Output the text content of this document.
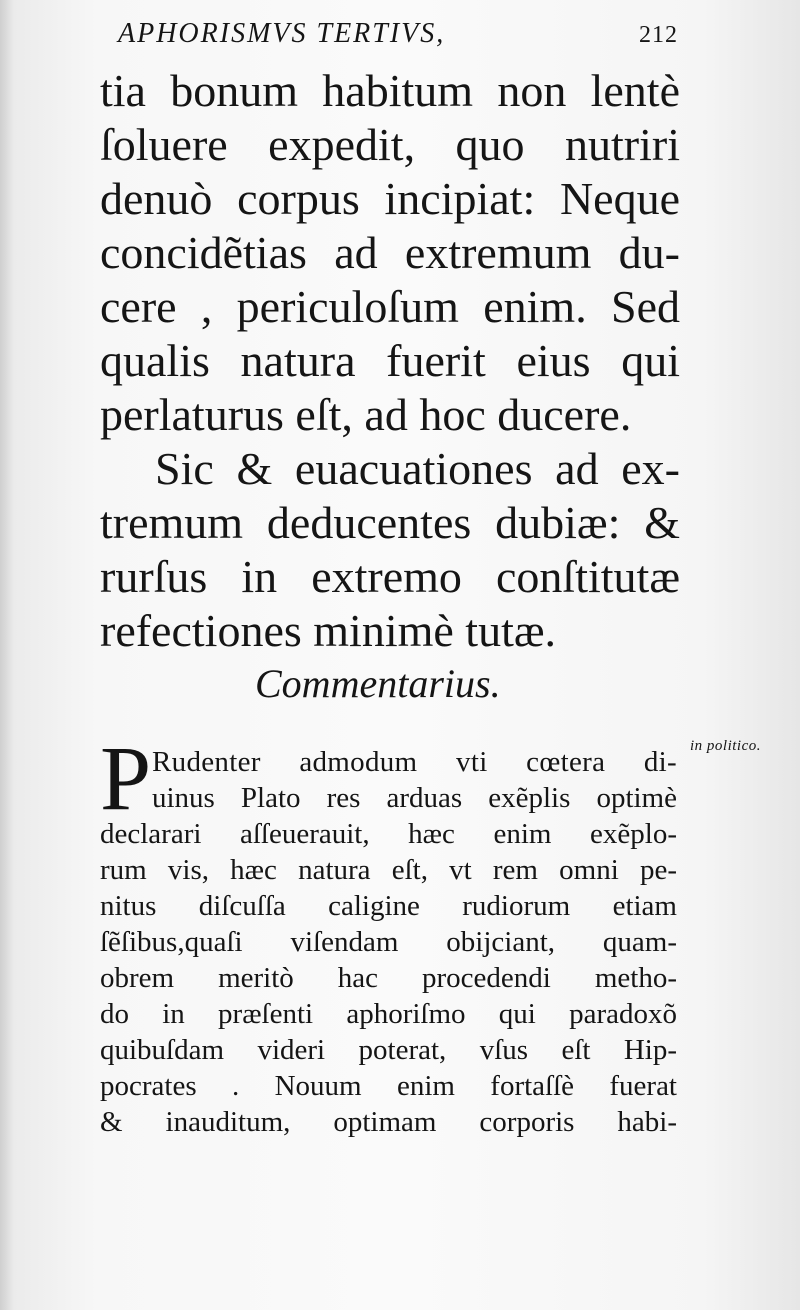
APHORISMVS TERTIVS,	212
tia bonum habitum non lentè
ſoluere expedit, quo nutriri
denuò corpus incipiat: Neque
concidẽtias ad extremum du-
cere , periculoſum enim. Sed
qualis natura fuerit eius qui
perlaturus eſt, ad hoc ducere.
Sic & euacuationes ad ex-
tremum deducentes dubiæ: &
rurſus in extremo conſtitutæ
refectiones minimè tutæ.
Commentarius.
P Rudenter admodum vti cœtera di-
uinus Plato res arduas exẽplis optimè
declarari aſſeuerauit, hæc enim exẽplo-
rum vis, hæc natura eſt, vt rem omni pe-
nitus diſcuſſa caligine rudiorum etiam
ſẽſibus,quaſi viſendam obijciant, quam-
obrem meritò hac procedendi metho-
do in præſenti aphoriſmo qui paradoxõ
quibuſdam videri poterat, vſus eſt Hip-
pocrates . Nouum enim fortaſſè fuerat
& inauditum, optimam corporis habi-
in politico.
